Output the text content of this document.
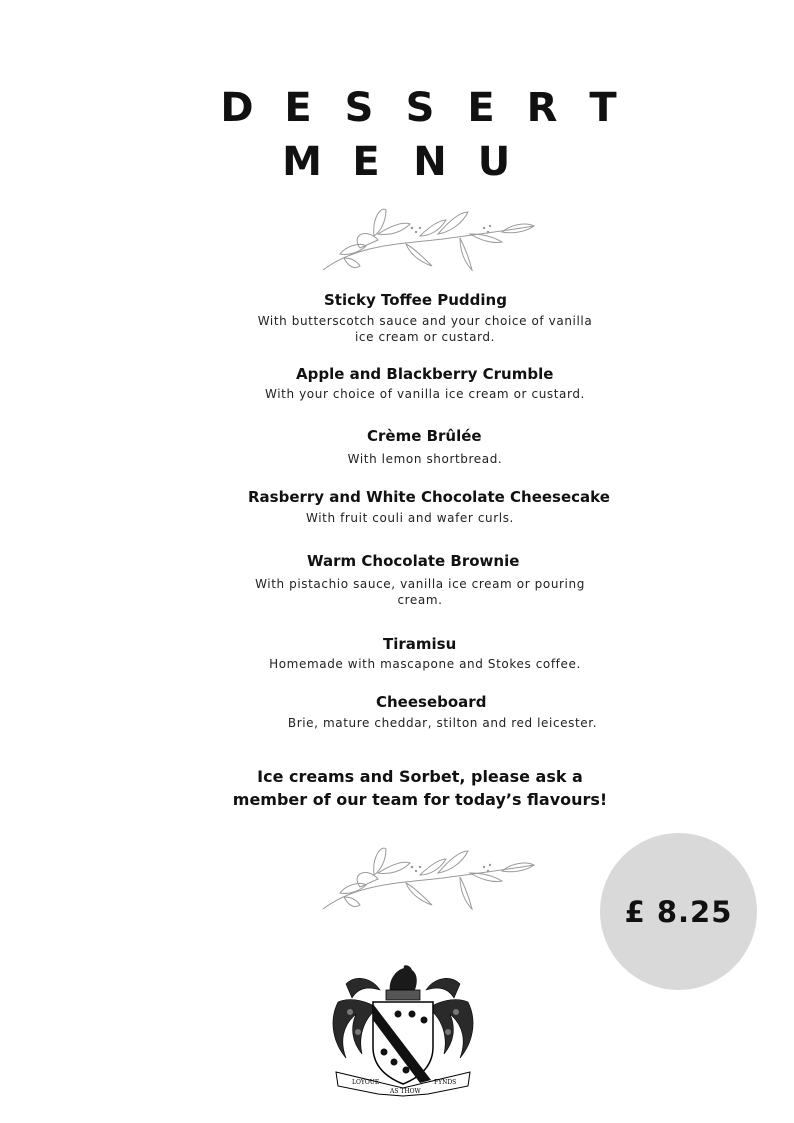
D E S S E R T
M E N U

Sticky Toffee Pudding

With butterscotch sauce and your choice of vanilla ice cream or custard.

Apple and Blackberry Crumble

With your choice of vanilla ice cream or custard.

Crème Brûlée

With lemon shortbread.

Rasberry and White Chocolate Cheesecake

With fruit couli and wafer curls.

Warm Chocolate Brownie

With pistachio sauce, vanilla ice cream or pouring cream.

Tiramisu

Homemade with mascapone and Stokes coffee.

Cheeseboard

Brie, mature cheddar, stilton and red leicester.

Ice creams and Sorbet, please ask a member of our team for today’s flavours!

£ 8.25
LOYOUE
AS THOW
FYNDS
